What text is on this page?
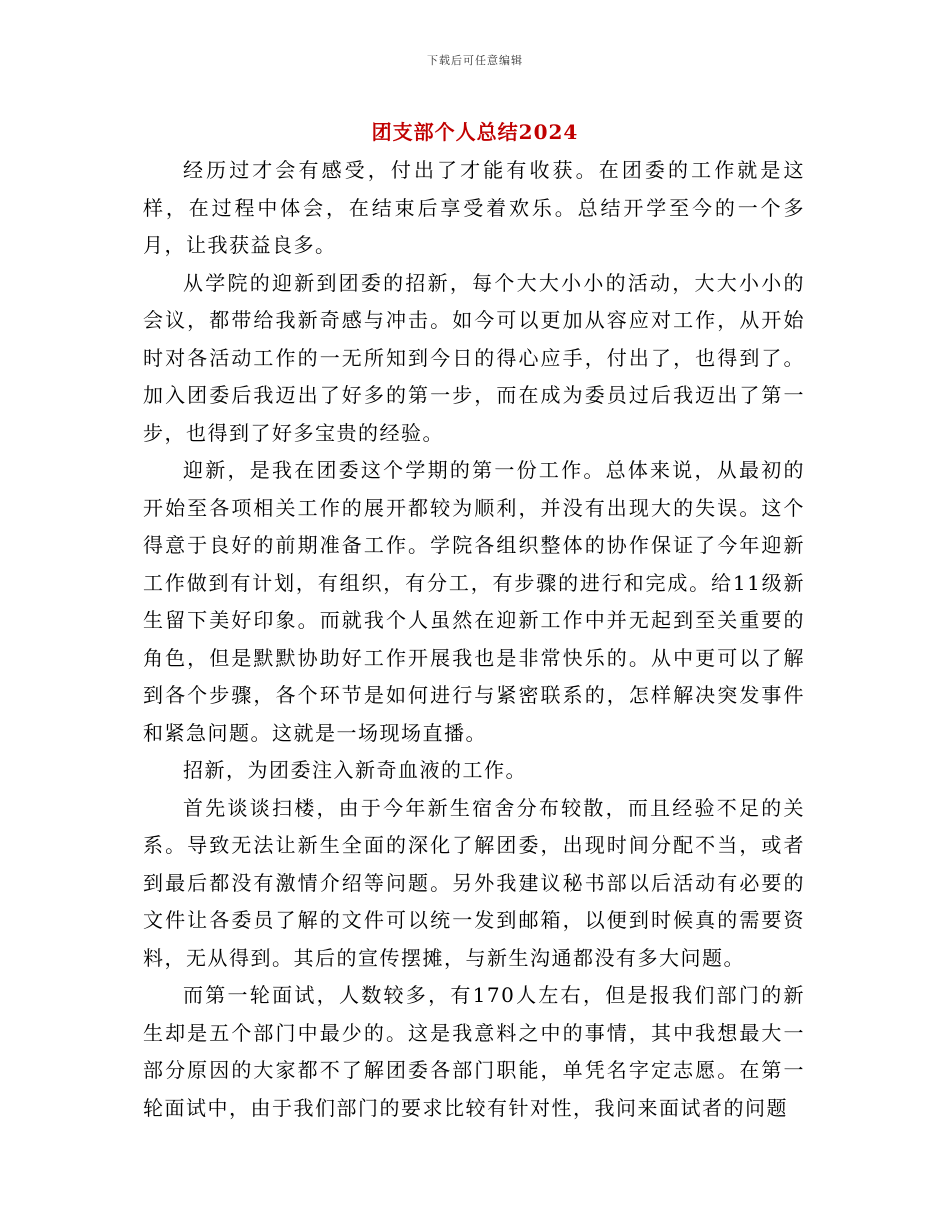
下载后可任意编辑
团支部个人总结2024

经历过才会有感受，付出了才能有收获。在团委的工作就是这样，在过程中体会，在结束后享受着欢乐。总结开学至今的一个多月，让我获益良多。

从学院的迎新到团委的招新，每个大大小小的活动，大大小小的会议，都带给我新奇感与冲击。如今可以更加从容应对工作，从开始时对各活动工作的一无所知到今日的得心应手，付出了，也得到了。加入团委后我迈出了好多的第一步，而在成为委员过后我迈出了第一步，也得到了好多宝贵的经验。

迎新，是我在团委这个学期的第一份工作。总体来说，从最初的开始至各项相关工作的展开都较为顺利，并没有出现大的失误。这个得意于良好的前期准备工作。学院各组织整体的协作保证了今年迎新工作做到有计划，有组织，有分工，有步骤的进行和完成。给11级新生留下美好印象。而就我个人虽然在迎新工作中并无起到至关重要的角色，但是默默协助好工作开展我也是非常快乐的。从中更可以了解到各个步骤，各个环节是如何进行与紧密联系的，怎样解决突发事件和紧急问题。这就是一场现场直播。

招新，为团委注入新奇血液的工作。

首先谈谈扫楼，由于今年新生宿舍分布较散，而且经验不足的关系。导致无法让新生全面的深化了解团委，出现时间分配不当，或者到最后都没有激情介绍等问题。另外我建议秘书部以后活动有必要的文件让各委员了解的文件可以统一发到邮箱，以便到时候真的需要资料，无从得到。其后的宣传摆摊，与新生沟通都没有多大问题。

而第一轮面试，人数较多，有170人左右，但是报我们部门的新生却是五个部门中最少的。这是我意料之中的事情，其中我想最大一部分原因的大家都不了解团委各部门职能，单凭名字定志愿。在第一轮面试中，由于我们部门的要求比较有针对性，我问来面试者的问题
